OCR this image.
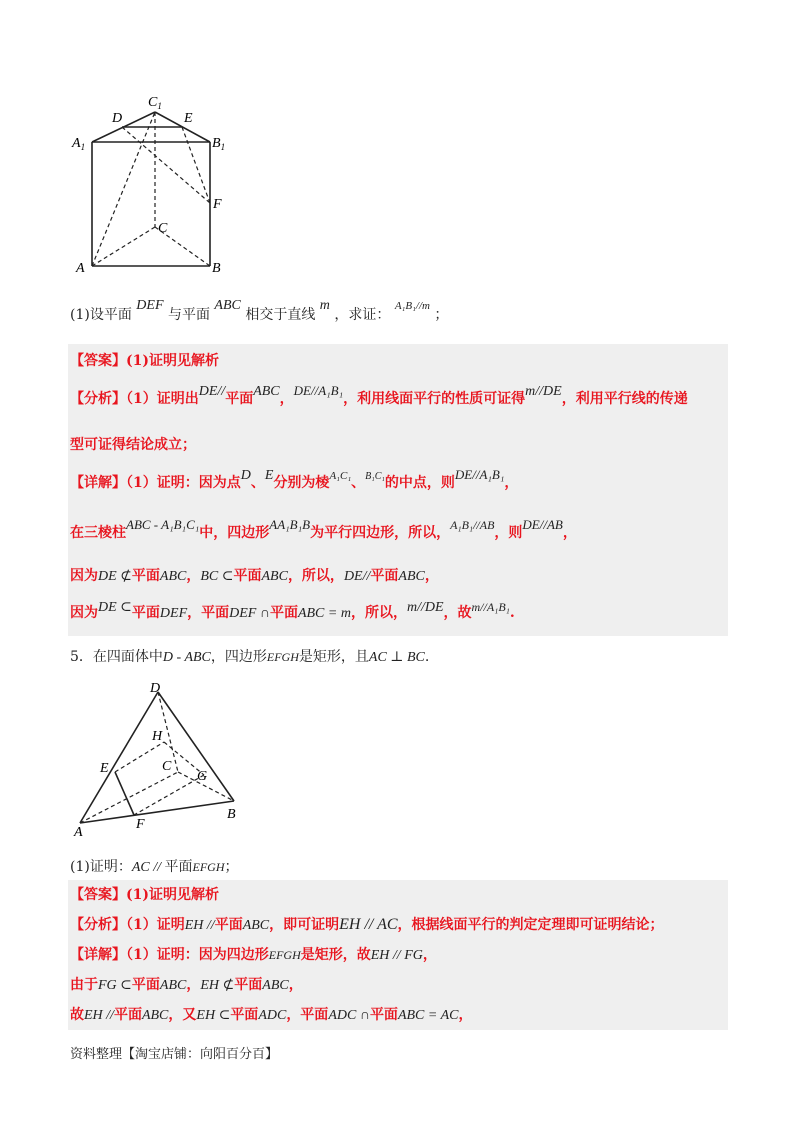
$C_1$
D	E
$A_1$	$B_1$
F
C
A	B
(1)设平面 DEF 与平面 ABC 相交于直线 m ，求证： $^{A_1B_1//m}$ ；
【答案】(1)证明见解析
【分析】（1）证明出DE//平面ABC，DE//A₁B₁，利用线面平行的性质可证得m//DE，利用平行线的传递
型可证得结论成立；
【详解】（1）证明：因为点D、E分别为棱$^{A_1C_1}$、$^{B_1C_1}$的中点，则DE//A₁B₁，
在三棱柱ABC - A₁B₁C₁中，四边形AA₁B₁B为平行四边形，所以，A₁B₁//AB，则DE//AB，
因为DE ⊄平面ABC，BC ⊂平面ABC，所以，DE//平面ABC，
因为DE ⊂平面DEF，平面DEF ∩平面ABC = m，所以，m//DE，故m//A₁B₁.
5．在四面体中D - ABC，四边形EFGH是矩形，且AC ⊥ BC.
D
H
E	C
G
A
F
B
(1)证明：AC // 平面EFGH；
【答案】(1)证明见解析
【分析】（1）证明EH //平面ABC，即可证明EH // AC，根据线面平行的判定定理即可证明结论；
【详解】（1）证明：因为四边形EFGH是矩形，故EH // FG，
由于FG ⊂平面ABC，EH ⊄平面ABC，
故EH //平面ABC，又EH ⊂平面ADC，平面ADC ∩平面ABC = AC，
资料整理【淘宝店铺：向阳百分百】
